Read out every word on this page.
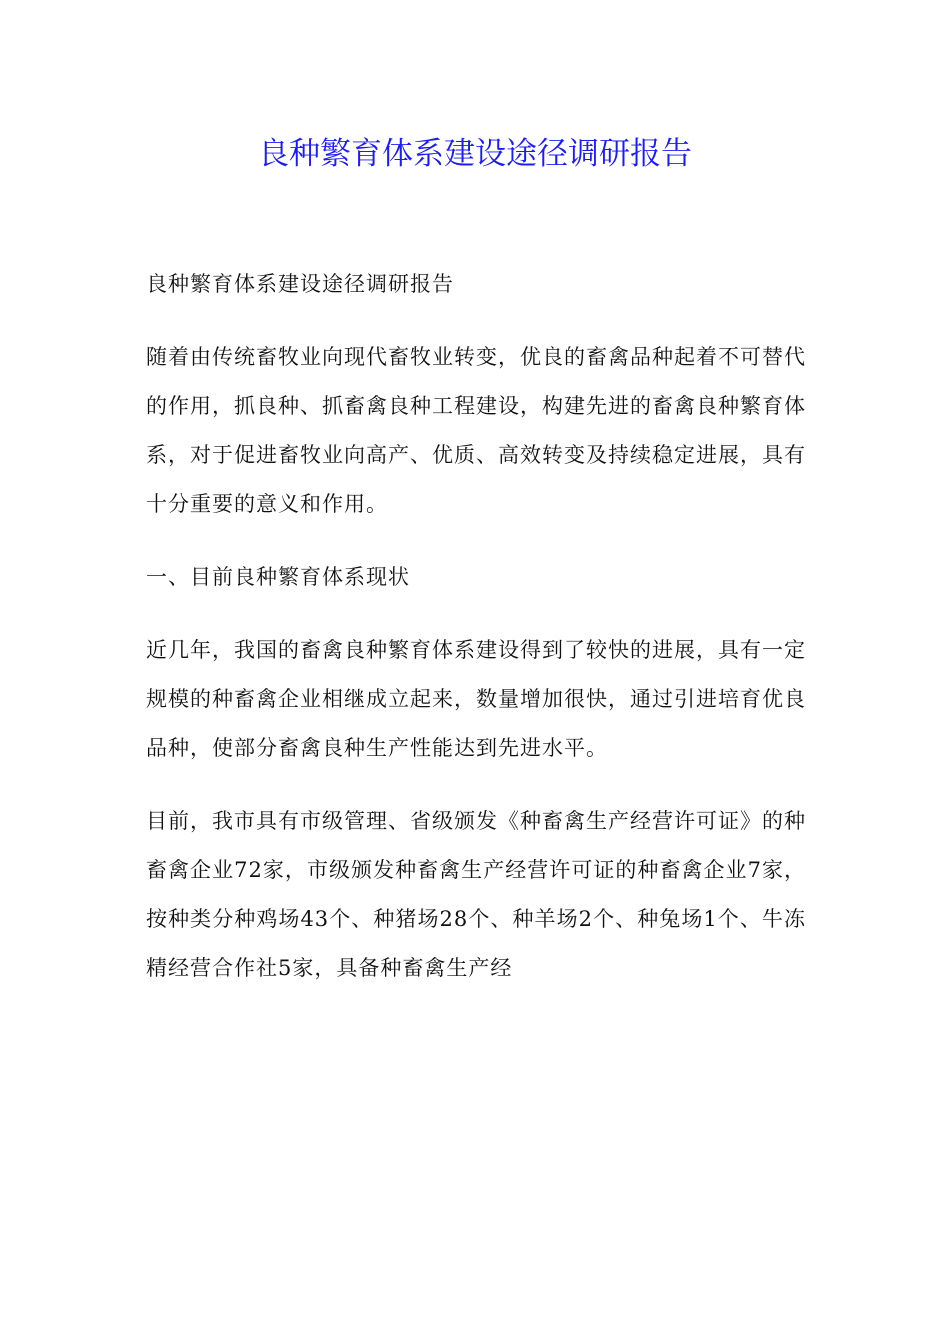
良种繁育体系建设途径调研报告

良种繁育体系建设途径调研报告

随着由传统畜牧业向现代畜牧业转变，优良的畜禽品种起着不可替代的作用，抓良种、抓畜禽良种工程建设，构建先进的畜禽良种繁育体系，对于促进畜牧业向高产、优质、高效转变及持续稳定进展，具有十分重要的意义和作用。

一、目前良种繁育体系现状

近几年，我国的畜禽良种繁育体系建设得到了较快的进展，具有一定规模的种畜禽企业相继成立起来，数量增加很快，通过引进培育优良品种，使部分畜禽良种生产性能达到先进水平。

目前，我市具有市级管理、省级颁发《种畜禽生产经营许可证》的种畜禽企业72家，市级颁发种畜禽生产经营许可证的种畜禽企业7家，按种类分种鸡场43个、种猪场28个、种羊场2个、种兔场1个、牛冻精经营合作社5家，具备种畜禽生产经
